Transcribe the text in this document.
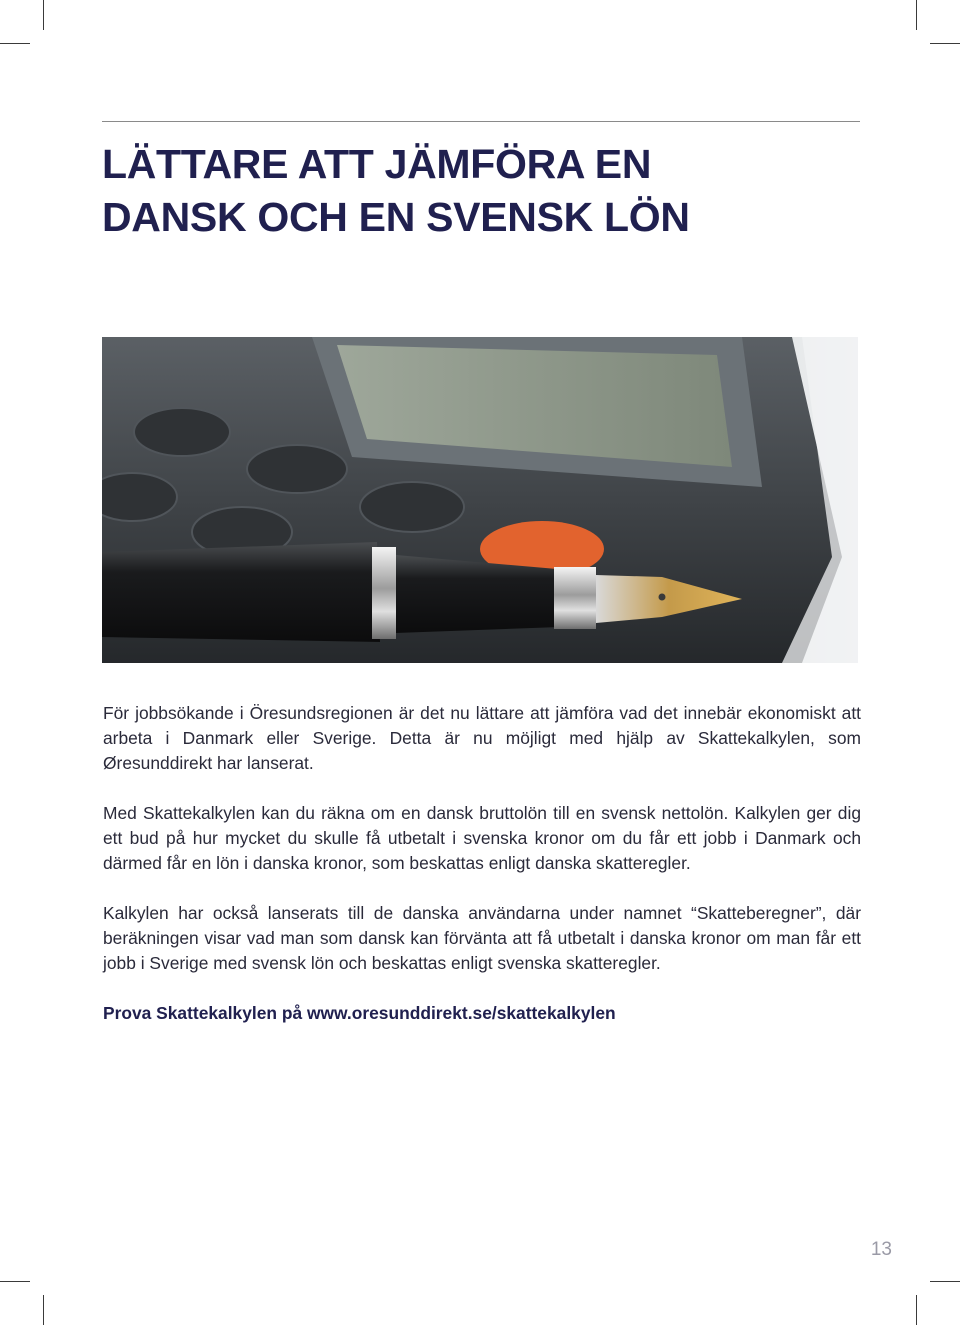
LÄTTARE ATT JÄMFÖRA EN
DANSK OCH EN SVENSK LÖN

För jobbsökande i Öresundsregionen är det nu lättare att jämföra vad det innebär ekonomiskt att arbeta i Danmark eller Sverige. Detta är nu möjligt med hjälp av Skattekalkylen, som Øresunddirekt har lanserat.

Med Skattekalkylen kan du räkna om en dansk bruttolön till en svensk nettolön. Kalkylen ger dig ett bud på hur mycket du skulle få utbetalt i svenska kronor om du får ett jobb i Danmark och därmed får en lön i danska kronor, som beskattas enligt danska skatteregler.

Kalkylen har också lanserats till de danska användarna under namnet “Skatteberegner”, där beräkningen visar vad man som dansk kan förvänta att få utbetalt i danska kronor om man får ett jobb i Sverige med svensk lön och beskattas enligt svenska skatteregler.

Prova Skattekalkylen på www.oresunddirekt.se/skattekalkylen

13
